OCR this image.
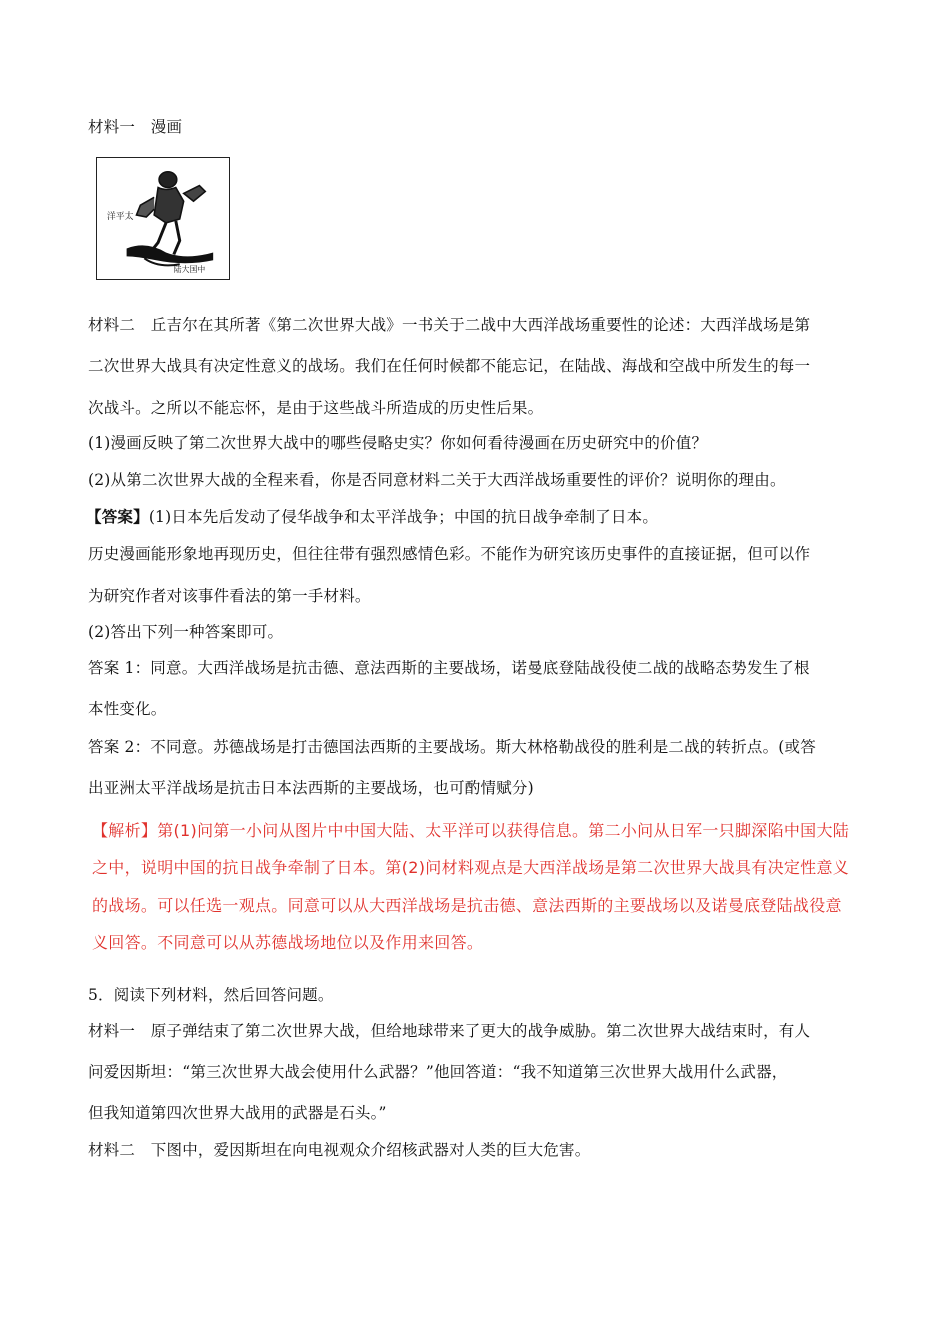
材料一　漫画
洋平太
陆大国中
材料二　丘吉尔在其所著《第二次世界大战》一书关于二战中大西洋战场重要性的论述：大西洋战场是第
二次世界大战具有决定性意义的战场。我们在任何时候都不能忘记，在陆战、海战和空战中所发生的每一
次战斗。之所以不能忘怀，是由于这些战斗所造成的历史性后果。
(1)漫画反映了第二次世界大战中的哪些侵略史实？你如何看待漫画在历史研究中的价值？
(2)从第二次世界大战的全程来看，你是否同意材料二关于大西洋战场重要性的评价？说明你的理由。
【答案】(1)日本先后发动了侵华战争和太平洋战争；中国的抗日战争牵制了日本。
历史漫画能形象地再现历史，但往往带有强烈感情色彩。不能作为研究该历史事件的直接证据，但可以作
为研究作者对该事件看法的第一手材料。
(2)答出下列一种答案即可。
答案 1：同意。大西洋战场是抗击德、意法西斯的主要战场，诺曼底登陆战役使二战的战略态势发生了根
本性变化。
答案 2：不同意。苏德战场是打击德国法西斯的主要战场。斯大林格勒战役的胜利是二战的转折点。(或答
出亚洲太平洋战场是抗击日本法西斯的主要战场，也可酌情赋分)
【解析】第(1)问第一小问从图片中中国大陆、太平洋可以获得信息。第二小问从日军一只脚深陷中国大陆
之中，说明中国的抗日战争牵制了日本。第(2)问材料观点是大西洋战场是第二次世界大战具有决定性意义
的战场。可以任选一观点。同意可以从大西洋战场是抗击德、意法西斯的主要战场以及诺曼底登陆战役意
义回答。不同意可以从苏德战场地位以及作用来回答。
5．阅读下列材料，然后回答问题。
材料一　原子弹结束了第二次世界大战，但给地球带来了更大的战争威胁。第二次世界大战结束时，有人
问爱因斯坦：“第三次世界大战会使用什么武器？”他回答道：“我不知道第三次世界大战用什么武器，
但我知道第四次世界大战用的武器是石头。”
材料二　下图中，爱因斯坦在向电视观众介绍核武器对人类的巨大危害。
